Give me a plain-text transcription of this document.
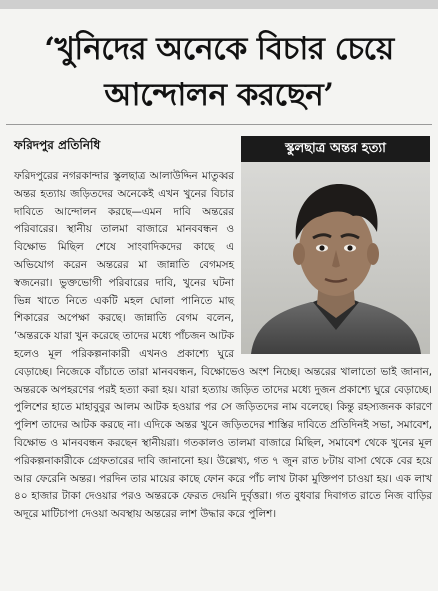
‘খুনিদের অনেকে বিচার চেয়ে আন্দোলন করছেন’
ফরিদপুর প্রতিনিধি	স্কুলছাত্র অন্তর হত্যা

ফরিদপুরের নগরকান্দার স্কুলছাত্র আলাউদ্দিন মাতুব্বর অন্তর হত্যায় জড়িতদের অনেকেই এখন খুনের বিচার দাবিতে আন্দোলন করছে—এমন দাবি অন্তরের পরিবারের। স্থানীয় তালমা বাজারে মানববন্ধন ও বিক্ষোভ মিছিল শেষে সাংবাদিকদের কাছে এ অভিযোগ করেন অন্তরের মা জান্নাতি বেগমসহ স্বজনেরা। ভুক্তভোগী পরিবারের দাবি, খুনের ঘটনা ভিন্ন খাতে নিতে একটি মহল ঘোলা পানিতে মাছ শিকারের অপেক্ষা করছে। জান্নাতি বেগম বলেন, ‘অন্তরকে যারা খুন করেছে তাদের মধ্যে পাঁচজন আটক হলেও মূল পরিকল্পনাকারী এখনও প্রকাশ্যে ঘুরে বেড়াচ্ছে। নিজেকে বাঁচাতে তারা মানববন্ধন, বিক্ষোভেও অংশ নিচ্ছে। অন্তরের খালাতো ভাই জানান, অন্তরকে অপহরণের পরই হত্যা করা হয়। যারা হত্যায় জড়িত তাদের মধ্যে দুজন প্রকাশ্যে ঘুরে বেড়াচ্ছে। পুলিশের হাতে মাহাবুবুর আলম আটক হওয়ার পর সে জড়িতদের নাম বলেছে। কিন্তু রহস্যজনক কারণে পুলিশ তাদের আটক করছে না। এদিকে অন্তর খুনে জড়িতদের শাস্তির দাবিতে প্রতিদিনই সভা, সমাবেশ, বিক্ষোভ ও মানববন্ধন করছেন স্থানীয়রা। গতকালও তালমা বাজারে মিছিল, সমাবেশ থেকে খুনের মূল পরিকল্পনাকারীকে গ্রেফতারের দাবি জানানো হয়। উল্লেখ্য, গত ৭ জুন রাত ৮টায় বাসা থেকে বের হয়ে আর ফেরেনি অন্তর। পরদিন তার মায়ের কাছে ফোন করে পাঁচ লাখ টাকা মুক্তিপণ চাওয়া হয়। এক লাখ ৪০ হাজার টাকা দেওয়ার পরও অন্তরকে ফেরত দেয়নি দুর্বৃত্তরা। গত বুধবার দিবাগত রাতে নিজ বাড়ির অদূরে মাটিচাপা দেওয়া অবস্থায় অন্তরের লাশ উদ্ধার করে পুলিশ।
